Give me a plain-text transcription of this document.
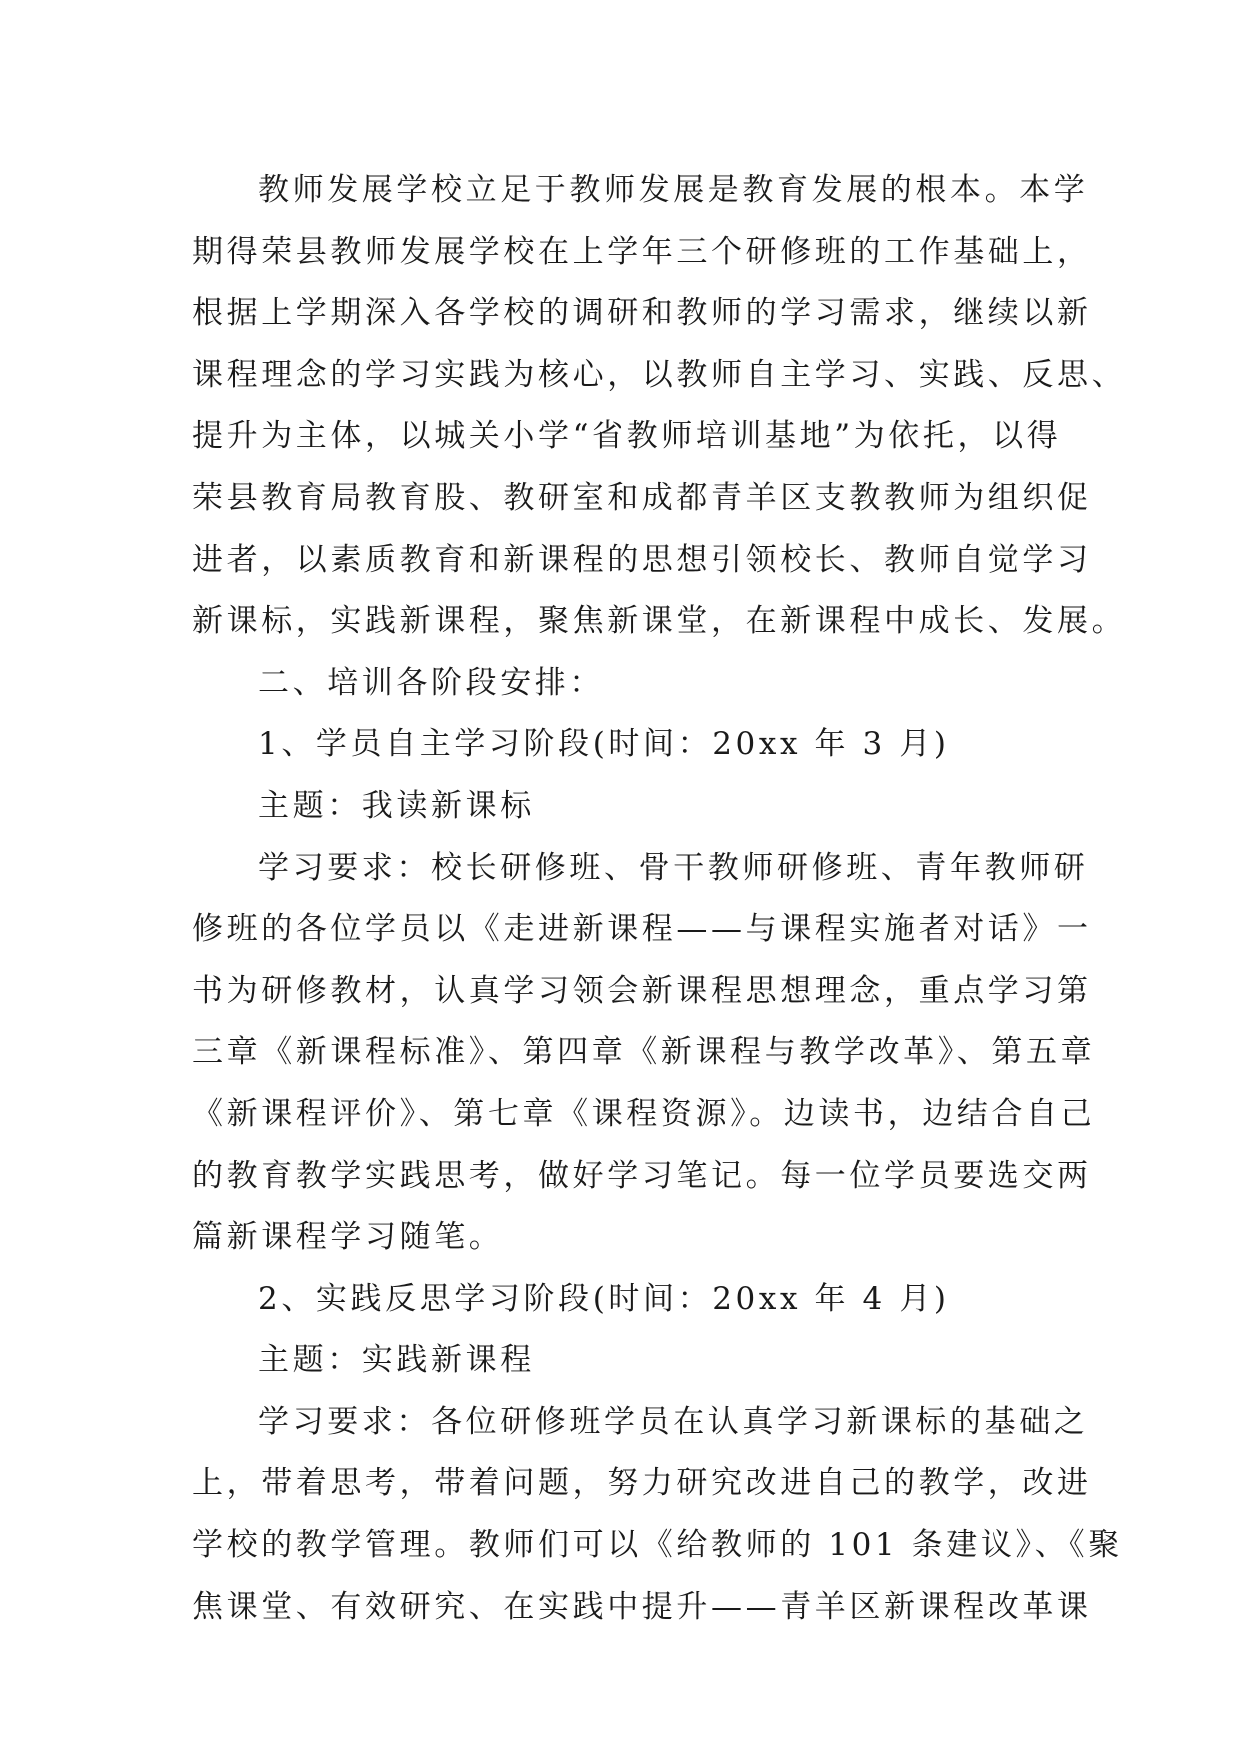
教师发展学校立足于教师发展是教育发展的根本。本学
期得荣县教师发展学校在上学年三个研修班的工作基础上，
根据上学期深入各学校的调研和教师的学习需求，继续以新
课程理念的学习实践为核心，以教师自主学习、实践、反思、
提升为主体，以城关小学“省教师培训基地”为依托，以得
荣县教育局教育股、教研室和成都青羊区支教教师为组织促
进者，以素质教育和新课程的思想引领校长、教师自觉学习
新课标，实践新课程，聚焦新课堂，在新课程中成长、发展。
二、培训各阶段安排：
1、学员自主学习阶段(时间：20xx 年 3 月)
主题：我读新课标
学习要求：校长研修班、骨干教师研修班、青年教师研
修班的各位学员以《走进新课程——与课程实施者对话》一
书为研修教材，认真学习领会新课程思想理念，重点学习第
三章《新课程标准》、第四章《新课程与教学改革》、第五章
《新课程评价》、第七章《课程资源》。边读书，边结合自己
的教育教学实践思考，做好学习笔记。每一位学员要选交两
篇新课程学习随笔。
2、实践反思学习阶段(时间：20xx 年 4 月)
主题：实践新课程
学习要求：各位研修班学员在认真学习新课标的基础之
上，带着思考，带着问题，努力研究改进自己的教学，改进
学校的教学管理。教师们可以《给教师的 101 条建议》、《聚
焦课堂、有效研究、在实践中提升——青羊区新课程改革课
